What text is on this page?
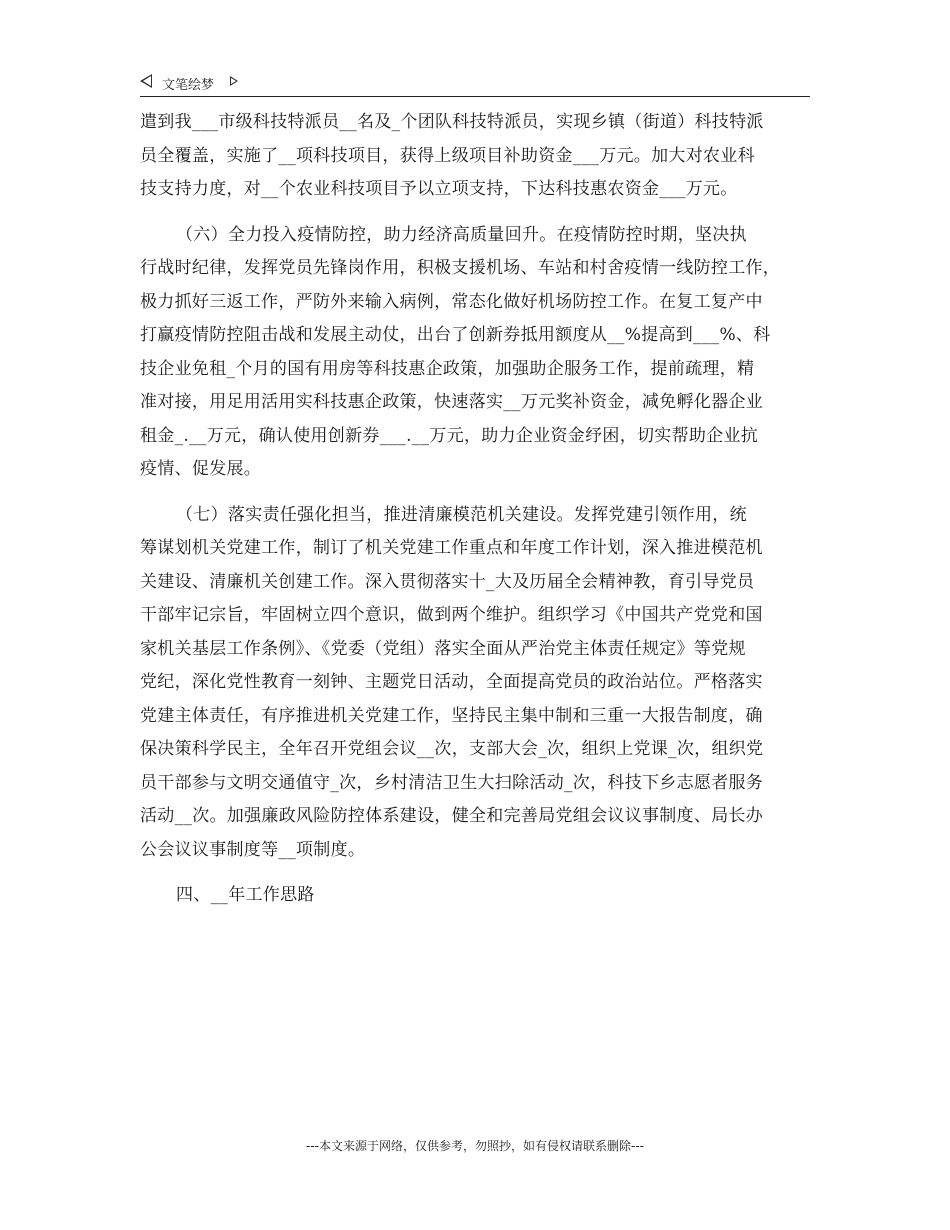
文笔绘梦
遣到我___市级科技特派员__名及_个团队科技特派员，实现乡镇（街道）科技特派
员全覆盖，实施了__项科技项目，获得上级项目补助资金___万元。加大对农业科
技支持力度，对__个农业科技项目予以立项支持，下达科技惠农资金___万元。
（六）全力投入疫情防控，助力经济高质量回升。在疫情防控时期，坚决执
行战时纪律，发挥党员先锋岗作用，积极支援机场、车站和村舍疫情一线防控工作，
极力抓好三返工作，严防外来输入病例，常态化做好机场防控工作。在复工复产中
打赢疫情防控阻击战和发展主动仗，出台了创新券抵用额度从__%提高到___%、科
技企业免租_个月的国有用房等科技惠企政策，加强助企服务工作，提前疏理，精
准对接，用足用活用实科技惠企政策，快速落实__万元奖补资金，减免孵化器企业
租金_.__万元，确认使用创新券___.__万元，助力企业资金纾困，切实帮助企业抗
疫情、促发展。
（七）落实责任强化担当，推进清廉模范机关建设。发挥党建引领作用，统
筹谋划机关党建工作，制订了机关党建工作重点和年度工作计划，深入推进模范机
关建设、清廉机关创建工作。深入贯彻落实十_大及历届全会精神教，育引导党员
干部牢记宗旨，牢固树立四个意识，做到两个维护。组织学习《中国共产党党和国
家机关基层工作条例》、《党委（党组）落实全面从严治党主体责任规定》等党规
党纪，深化党性教育一刻钟、主题党日活动，全面提高党员的政治站位。严格落实
党建主体责任，有序推进机关党建工作，坚持民主集中制和三重一大报告制度，确
保决策科学民主，全年召开党组会议__次，支部大会_次，组织上党课_次，组织党
员干部参与文明交通值守_次，乡村清洁卫生大扫除活动_次，科技下乡志愿者服务
活动__次。加强廉政风险防控体系建设，健全和完善局党组会议议事制度、局长办
公会议议事制度等__项制度。
四、__年工作思路
---本文来源于网络，仅供参考，勿照抄，如有侵权请联系删除---
